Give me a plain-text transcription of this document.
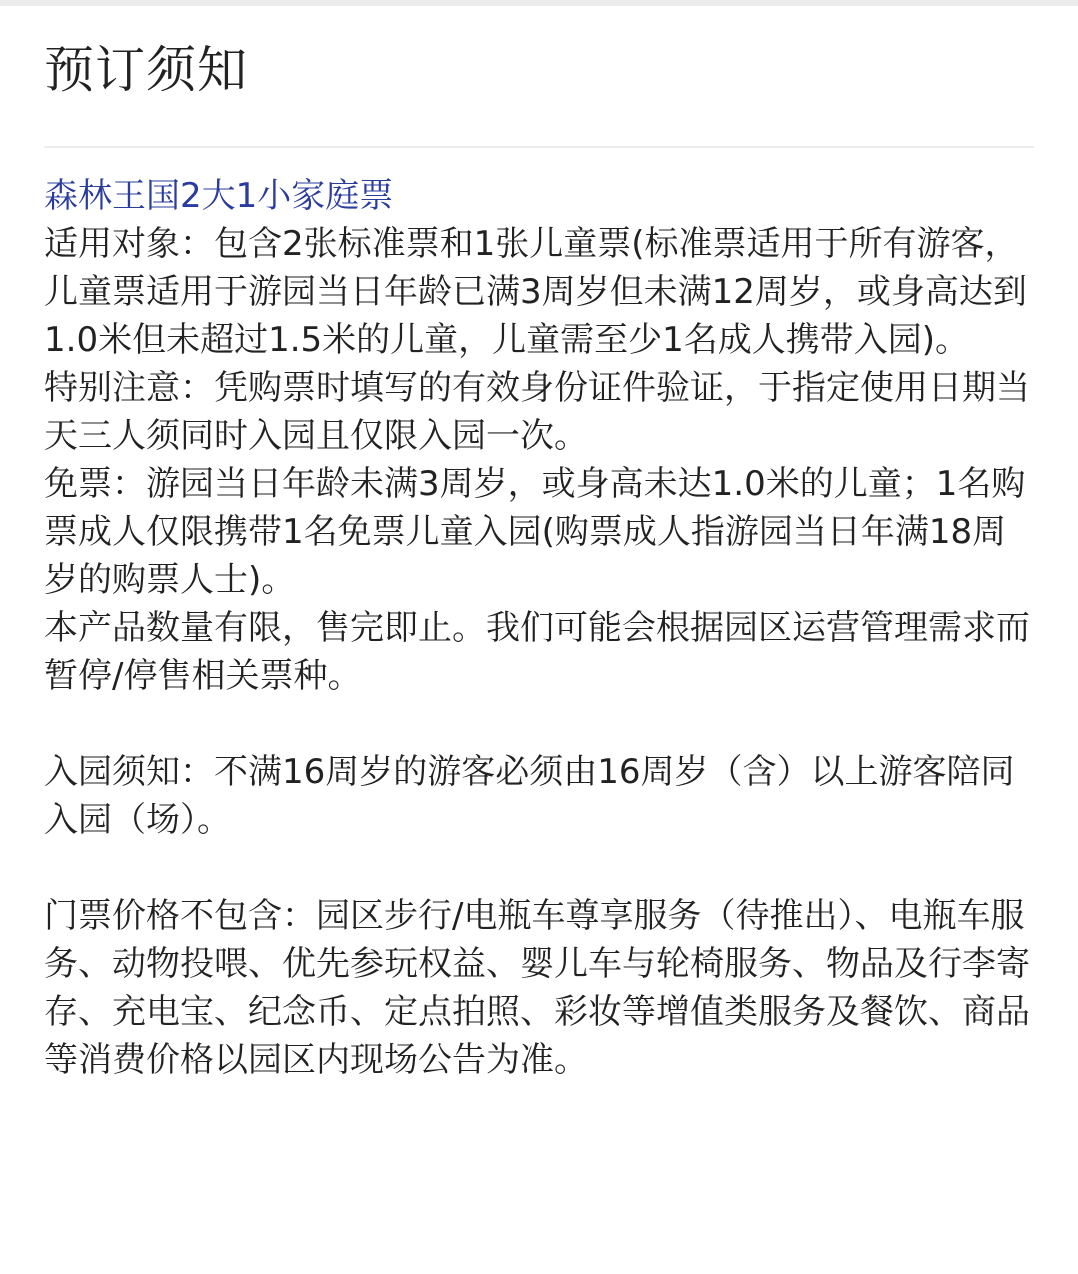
预订须知

森林王国2大1小家庭票

适用对象：包含2张标准票和1张儿童票(标准票适用于所有游客，儿童票适用于游园当日年龄已满3周岁但未满12周岁，或身高达到1.0米但未超过1.5米的儿童，儿童需至少1名成人携带入园)。

特别注意：凭购票时填写的有效身份证件验证，于指定使用日期当天三人须同时入园且仅限入园一次。

免票：游园当日年龄未满3周岁，或身高未达1.0米的儿童；1名购票成人仅限携带1名免票儿童入园(购票成人指游园当日年满18周岁的购票人士)。

本产品数量有限，售完即止。我们可能会根据园区运营管理需求而暂停/停售相关票种。

入园须知：不满16周岁的游客必须由16周岁（含）以上游客陪同入园（场）。

门票价格不包含：园区步行/电瓶车尊享服务（待推出）、电瓶车服务、动物投喂、优先参玩权益、婴儿车与轮椅服务、物品及行李寄存、充电宝、纪念币、定点拍照、彩妆等增值类服务及餐饮、商品等消费价格以园区内现场公告为准。
